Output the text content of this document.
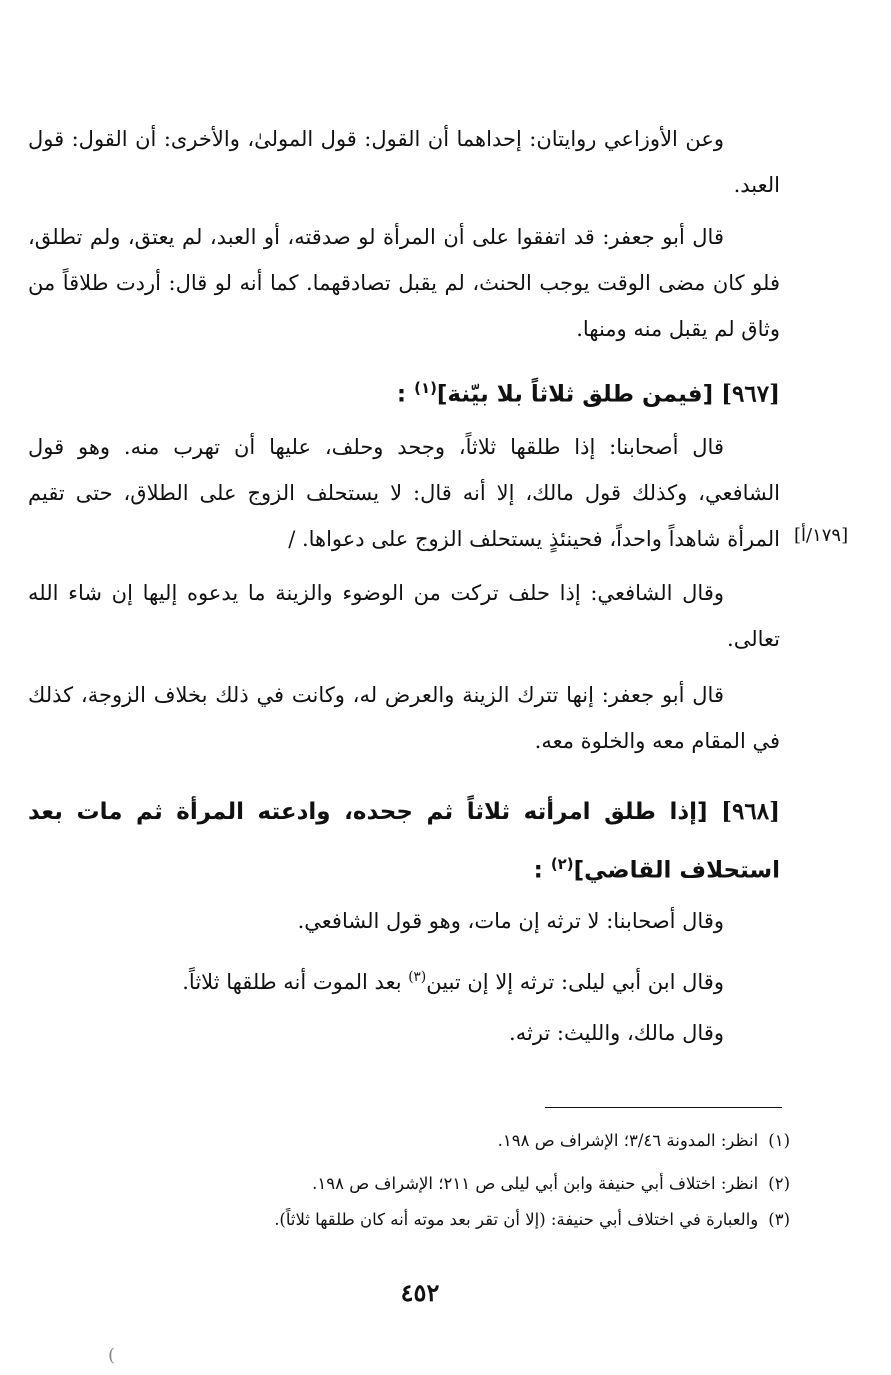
وعن الأوزاعي روايتان: إحداهما أن القول: قول المولىٰ، والأخرى: أن القول: قول العبد.

قال أبو جعفر: قد اتفقوا على أن المرأة لو صدقته، أو العبد، لم يعتق، ولم تطلق، فلو كان مضى الوقت يوجب الحنث، لم يقبل تصادقهما. كما أنه لو قال: أردت طلاقاً من وثاق لم يقبل منه ومنها.

[٩٦٧] [فيمن طلق ثلاثاً بلا بيّنة]$^{(١)}$ :

قال أصحابنا: إذا طلقها ثلاثاً، وجحد وحلف، عليها أن تهرب منه. وهو قول الشافعي، وكذلك قول مالك، إلا أنه قال: لا يستحلف الزوج على الطلاق، حتى تقيم المرأة شاهداً واحداً، فحينئذٍ يستحلف الزوج على دعواها. / [١٧٩/أ]

وقال الشافعي: إذا حلف تركت من الوضوء والزينة ما يدعوه إليها إن شاء الله تعالى.

قال أبو جعفر: إنها تترك الزينة والعرض له، وكانت في ذلك بخلاف الزوجة، كذلك في المقام معه والخلوة معه.

[٩٦٨] [إذا طلق امرأته ثلاثاً ثم جحده، وادعته المرأة ثم مات بعد استحلاف القاضي]$^{(٢)}$ :

وقال أصحابنا: لا ترثه إن مات، وهو قول الشافعي.

وقال ابن أبي ليلى: ترثه إلا إن تبين$^{(٣)}$ بعد الموت أنه طلقها ثلاثاً.

وقال مالك، والليث: ترثه.

(١)انظر: المدونة ٣/٤٦؛ الإشراف ص ١٩٨.
(٢)انظر: اختلاف أبي حنيفة وابن أبي ليلى ص ٢١١؛ الإشراف ص ١٩٨.
(٣)والعبارة في اختلاف أبي حنيفة: (إلا أن تقر بعد موته أنه كان طلقها ثلاثاً).
٤٥٢
(
